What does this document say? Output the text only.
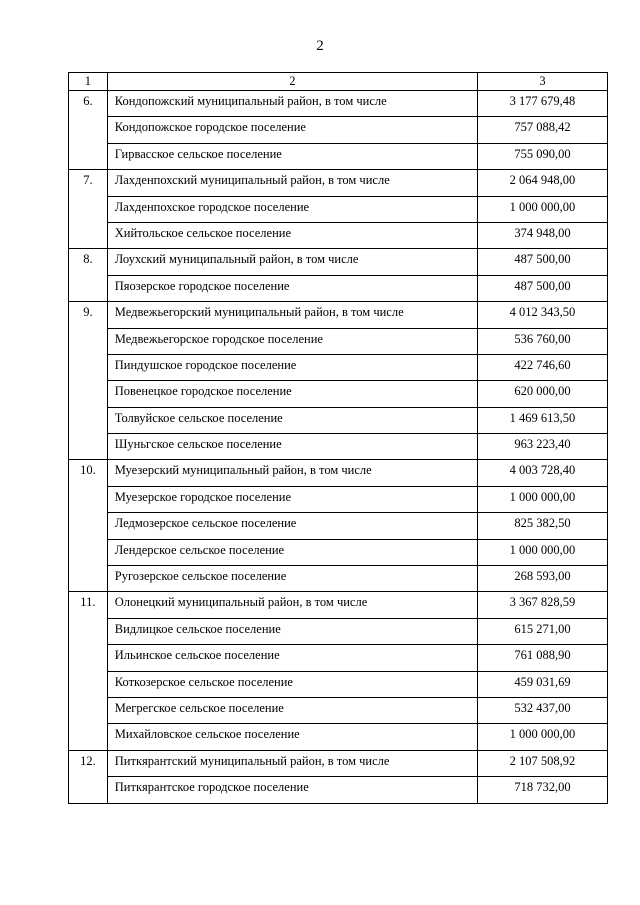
2
1	2	3
6.	Кондопожский муниципальный район, в том числе	3 177 679,48
	Кондопожское городское поселение	757 088,42
	Гирвасское сельское поселение	755 090,00
7.	Лахденпохский муниципальный район, в том числе	2 064 948,00
	Лахденпохское городское поселение	1 000 000,00
	Хийтольское сельское поселение	374 948,00
8.	Лоухский муниципальный район, в том числе	487 500,00
	Пяозерское городское поселение	487 500,00
9.	Медвежьегорский муниципальный район, в том числе	4 012 343,50
	Медвежьегорское городское поселение	536 760,00
	Пиндушское городское поселение	422 746,60
	Повенецкое городское поселение	620 000,00
	Толвуйское сельское поселение	1 469 613,50
	Шуньгское сельское поселение	963 223,40
10.	Муезерский муниципальный район, в том числе	4 003 728,40
	Муезерское городское поселение	1 000 000,00
	Ледмозерское сельское поселение	825 382,50
	Лендерское сельское поселение	1 000 000,00
	Ругозерское сельское поселение	268 593,00
11.	Олонецкий муниципальный район, в том числе	3 367 828,59
	Видлицкое сельское поселение	615 271,00
	Ильинское сельское поселение	761 088,90
	Коткозерское сельское поселение	459 031,69
	Мегрегское сельское поселение	532 437,00
	Михайловское сельское поселение	1 000 000,00
12.	Питкярантский муниципальный район, в том числе	2 107 508,92
	Питкярантское городское поселение	718 732,00
